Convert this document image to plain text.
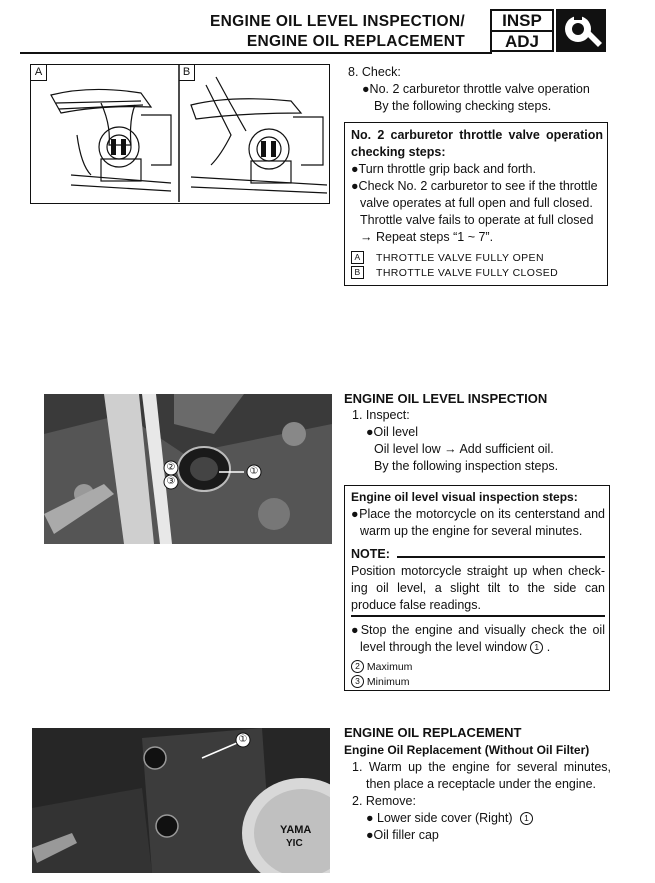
ENGINE OIL LEVEL INSPECTION/
ENGINE OIL REPLACEMENT
INSP
ADJ
A	B	8. Check:
●No. 2 carburetor throttle valve operation
By the following checking steps.
No. 2 carburetor throttle valve operation
checking steps:
●Turn throttle grip back and forth.
●Check No. 2 carburetor to see if the throttle
valve operates at full open and full closed.
Throttle valve fails to operate at full closed
→ Repeat steps “1 ~ 7”.
A THROTTLE VALVE FULLY OPEN
B THROTTLE VALVE FULLY CLOSED
①
②
③
ENGINE OIL LEVEL INSPECTION
1. Inspect:
●Oil level
Oil level low → Add sufficient oil.
By the following inspection steps.
Engine oil level visual inspection steps:
●Place the motorcycle on its centerstand and
warm up the engine for several minutes.
NOTE:
Position motorcycle straight up when check-
ing oil level, a slight tilt to the side can
produce false readings.
●Stop the engine and visually check the oil
level through the level window 1 .
2 Maximum
3 Minimum
①
YAMA
YIC
ENGINE OIL REPLACEMENT
Engine Oil Replacement (Without Oil Filter)
1. Warm up the engine for several minutes,
then place a receptacle under the engine.
2. Remove:
● Lower side cover (Right) 1
●Oil filler cap
